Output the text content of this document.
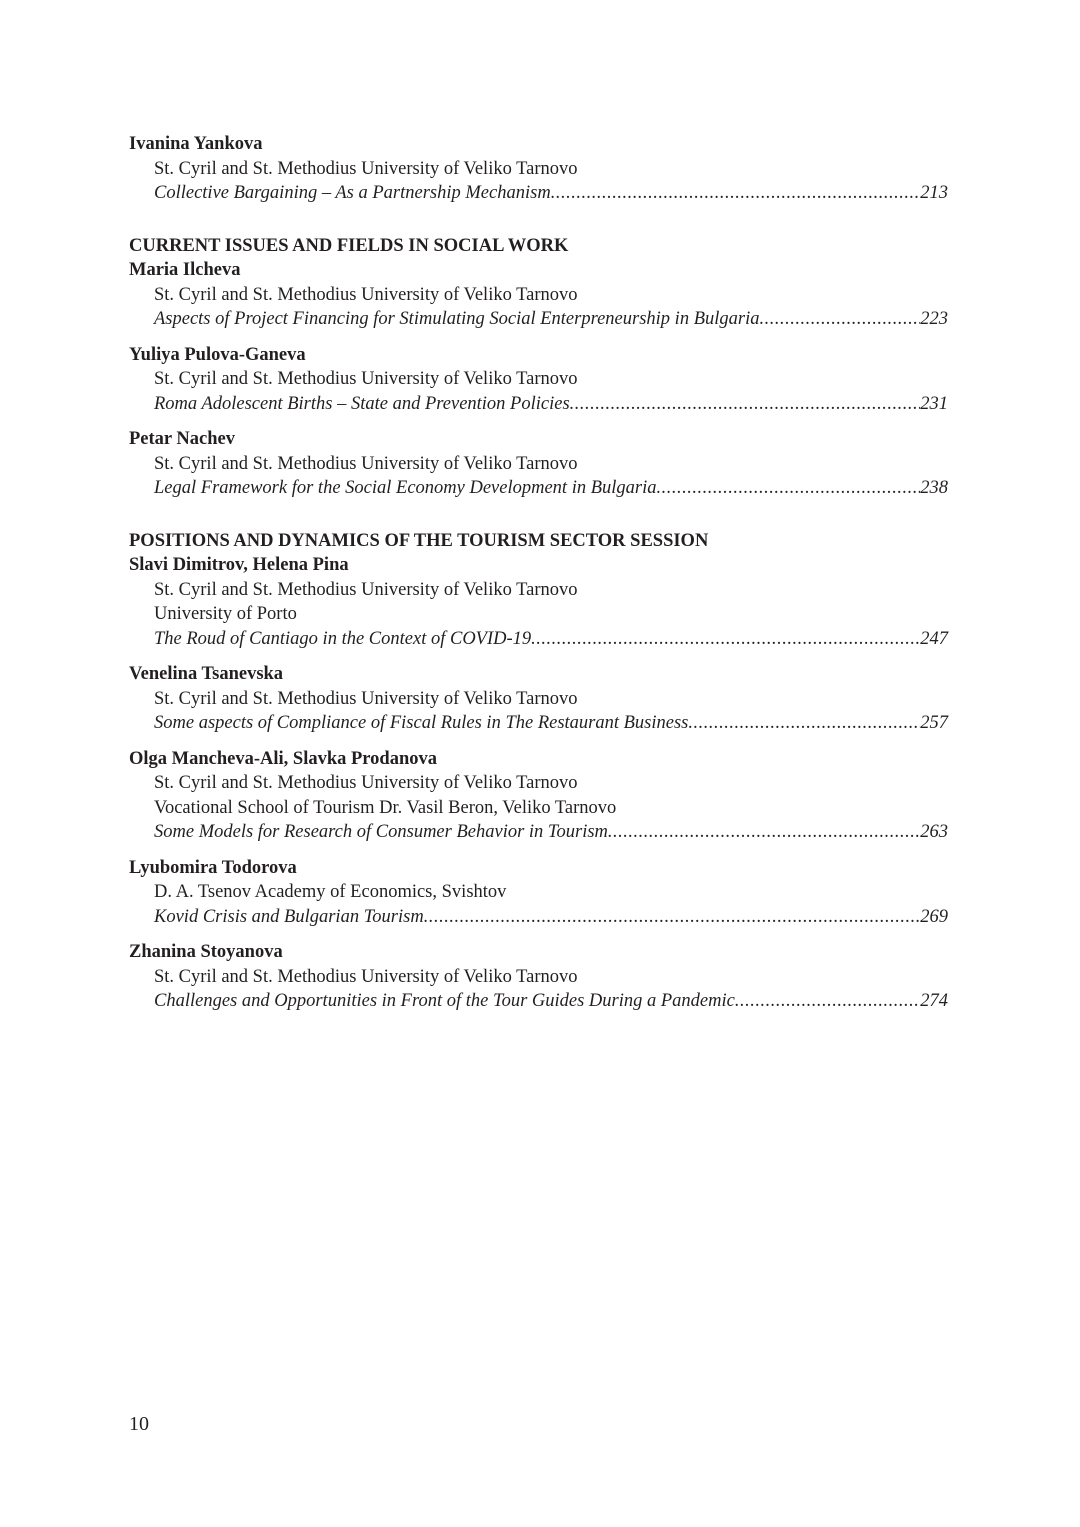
Ivanina Yankova
St. Cyril and St. Methodius University of Veliko Tarnovo
Collective Bargaining – As a Partnership Mechanism .....	213
CURRENT ISSUES AND FIELDS IN SOCIAL WORK
Maria Ilcheva
St. Cyril and St. Methodius University of Veliko Tarnovo
Aspects of Project Financing for Stimulating Social Enterpreneurship in Bulgaria .....	223
Yuliya Pulova-Ganeva
St. Cyril and St. Methodius University of Veliko Tarnovo
Roma Adolescent Births – State and Prevention Policies .....	231
Petar Nachev
St. Cyril and St. Methodius University of Veliko Tarnovo
Legal Framework for the Social Economy Development in Bulgaria .....	238
POSITIONS AND DYNAMICS OF THE TOURISM SECTOR SESSION
Slavi Dimitrov, Helena Pina
St. Cyril and St. Methodius University of Veliko Tarnovo
University of Porto
The Roud of Cantiago in the Context of COVID-19 .....	247
Venelina Tsanevska
St. Cyril and St. Methodius University of Veliko Tarnovo
Some aspects of Compliance of Fiscal Rules in The Restaurant Business .....	257
Olga Mancheva-Ali, Slavka Prodanova
St. Cyril and St. Methodius University of Veliko Tarnovo
Vocational School of Tourism Dr. Vasil Beron, Veliko Tarnovo
Some Models for Research of Consumer Behavior in Tourism .....	263
Lyubomira Todorova
D. A. Tsenov Academy of Economics, Svishtov
Kovid Crisis and Bulgarian Tourism .....	269
Zhanina Stoyanova
St. Cyril and St. Methodius University of Veliko Tarnovo
Challenges and Opportunities in Front of the Tour Guides During a Pandemic .....	274
10
